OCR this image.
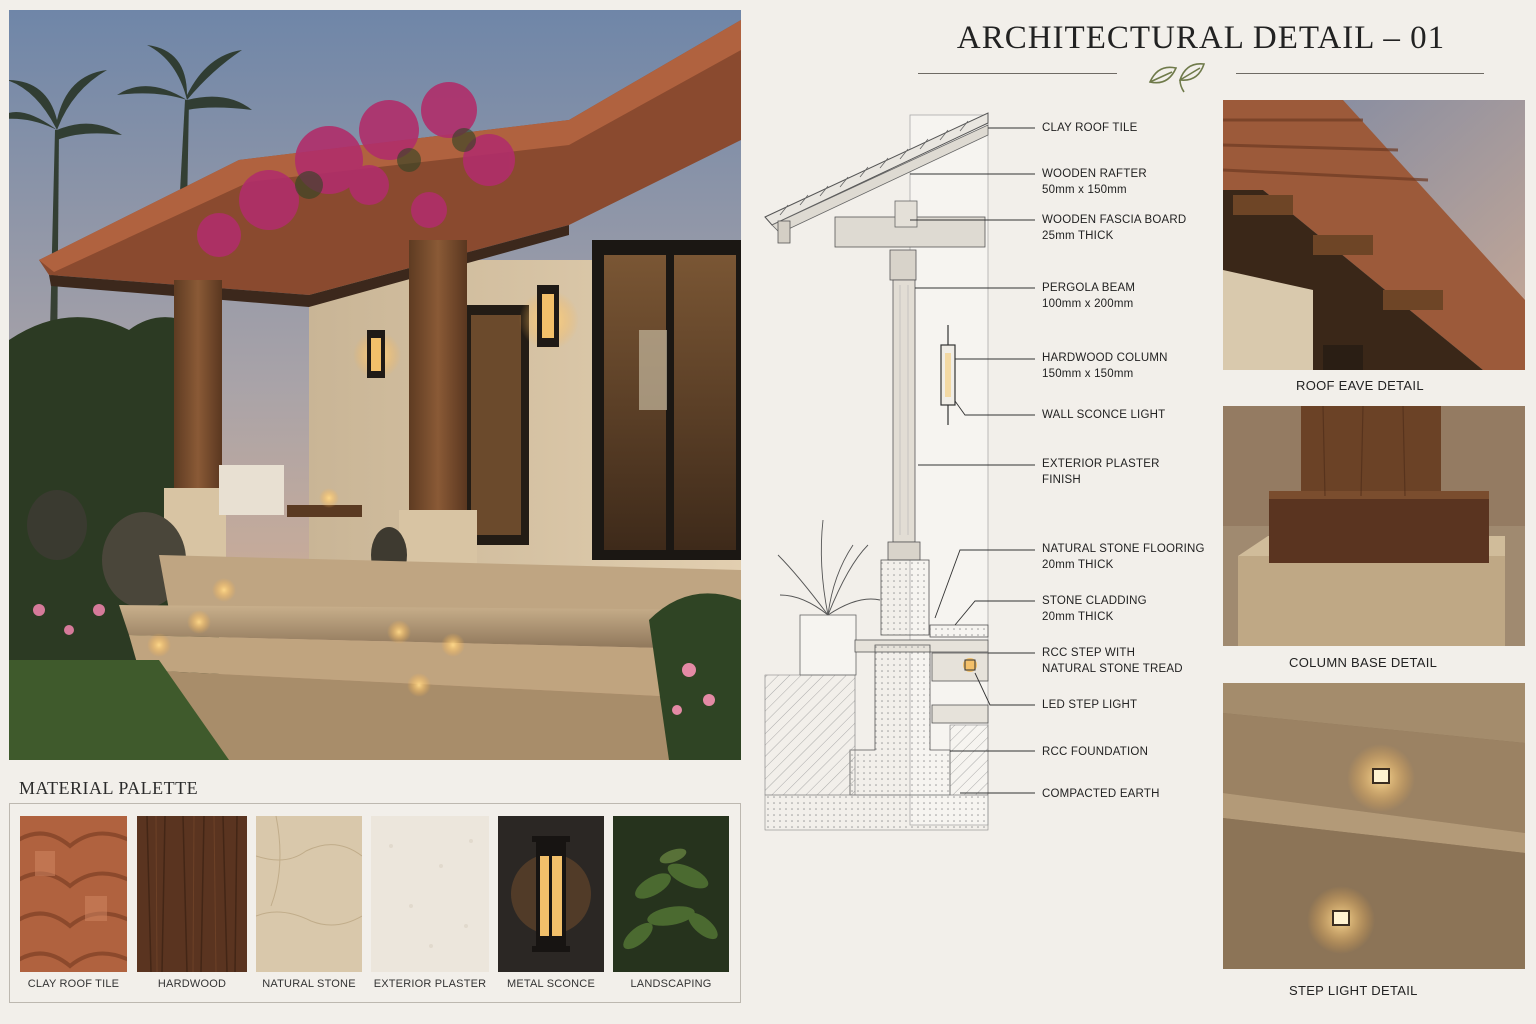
MATERIAL PALETTE
CLAY ROOF TILE	HARDWOOD	NATURAL STONE	EXTERIOR PLASTER	METAL SCONCE	LANDSCAPING
ARCHITECTURAL DETAIL – 01
CLAY ROOF TILE
WOODEN RAFTER
50mm x 150mm
WOODEN FASCIA BOARD
25mm THICK
PERGOLA BEAM
100mm x 200mm
HARDWOOD COLUMN
150mm x 150mm
WALL SCONCE LIGHT
EXTERIOR PLASTER
FINISH
NATURAL STONE FLOORING
20mm THICK
STONE CLADDING
20mm THICK
RCC STEP WITH
NATURAL STONE TREAD
LED STEP LIGHT
RCC FOUNDATION
COMPACTED EARTH
ROOF EAVE DETAIL
COLUMN BASE DETAIL
STEP LIGHT DETAIL
